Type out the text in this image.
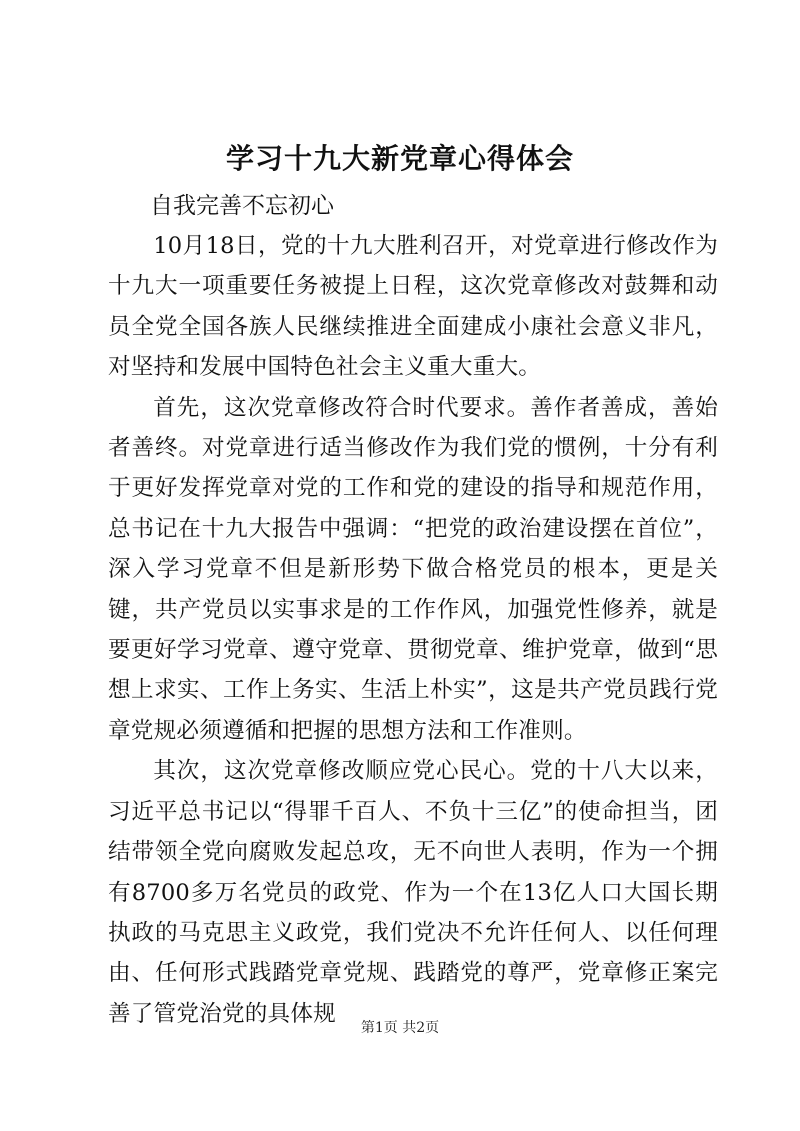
学习十九大新党章心得体会

自我完善不忘初心

10月18日，党的十九大胜利召开，对党章进行修改作为十九大一项重要任务被提上日程，这次党章修改对鼓舞和动员全党全国各族人民继续推进全面建成小康社会意义非凡，对坚持和发展中国特色社会主义重大重大。

首先，这次党章修改符合时代要求。善作者善成，善始者善终。对党章进行适当修改作为我们党的惯例，十分有利于更好发挥党章对党的工作和党的建设的指导和规范作用，总书记在十九大报告中强调：“把党的政治建设摆在首位”，深入学习党章不但是新形势下做合格党员的根本，更是关键，共产党员以实事求是的工作作风，加强党性修养，就是要更好学习党章、遵守党章、贯彻党章、维护党章，做到“思想上求实、工作上务实、生活上朴实”，这是共产党员践行党章党规必须遵循和把握的思想方法和工作准则。

其次，这次党章修改顺应党心民心。党的十八大以来，习近平总书记以“得罪千百人、不负十三亿”的使命担当，团结带领全党向腐败发起总攻，无不向世人表明，作为一个拥有8700多万名党员的政党、作为一个在13亿人口大国长期执政的马克思主义政党，我们党决不允许任何人、以任何理由、任何形式践踏党章党规、践踏党的尊严，党章修正案完善了管党治党的具体规

第1页 共2页
